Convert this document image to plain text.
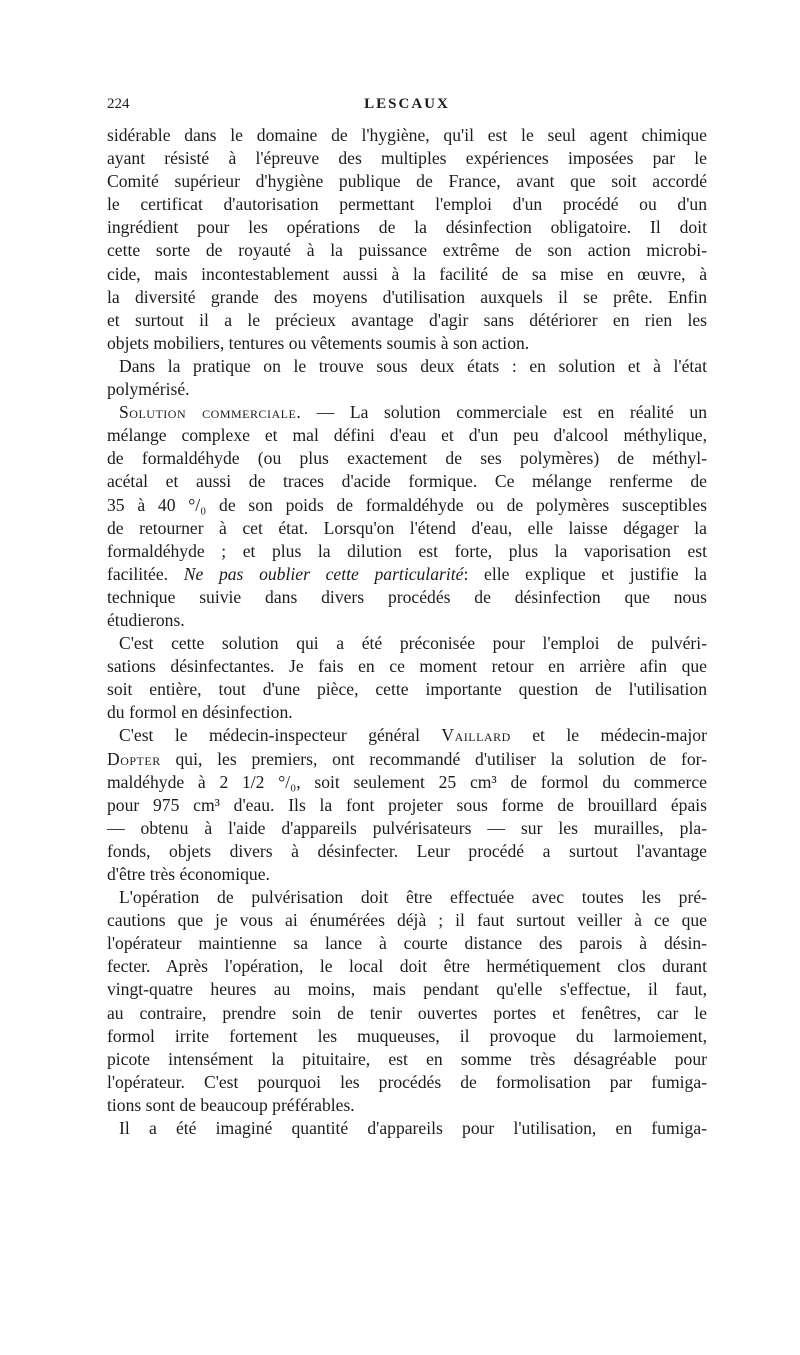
224	LESCAUX
sidérable dans le domaine de l'hygiène, qu'il est le seul agent chimique
ayant résisté à l'épreuve des multiples expériences imposées par le
Comité supérieur d'hygiène publique de France, avant que soit accordé
le certificat d'autorisation permettant l'emploi d'un procédé ou d'un
ingrédient pour les opérations de la désinfection obligatoire. Il doit
cette sorte de royauté à la puissance extrême de son action microbi-
cide, mais incontestablement aussi à la facilité de sa mise en œuvre, à
la diversité grande des moyens d'utilisation auxquels il se prête. Enfin
et surtout il a le précieux avantage d'agir sans détériorer en rien les
objets mobiliers, tentures ou vêtements soumis à son action.
Dans la pratique on le trouve sous deux états : en solution et à l'état
polymérisé.
Solution commerciale. — La solution commerciale est en réalité un
mélange complexe et mal défini d'eau et d'un peu d'alcool méthylique,
de formaldéhyde (ou plus exactement de ses polymères) de méthyl-
acétal et aussi de traces d'acide formique. Ce mélange renferme de
35 à 40 °/₀ de son poids de formaldéhyde ou de polymères susceptibles
de retourner à cet état. Lorsqu'on l'étend d'eau, elle laisse dégager la
formaldéhyde ; et plus la dilution est forte, plus la vaporisation est
facilitée. Ne pas oublier cette particularité: elle explique et justifie la
technique suivie dans divers procédés de désinfection que nous
étudierons.
C'est cette solution qui a été préconisée pour l'emploi de pulvéri-
sations désinfectantes. Je fais en ce moment retour en arrière afin que
soit entière, tout d'une pièce, cette importante question de l'utilisation
du formol en désinfection.
C'est le médecin-inspecteur général Vaillard et le médecin-major
Dopter qui, les premiers, ont recommandé d'utiliser la solution de for-
maldéhyde à 2 1/2 °/₀, soit seulement 25 cm³ de formol du commerce
pour 975 cm³ d'eau. Ils la font projeter sous forme de brouillard épais
— obtenu à l'aide d'appareils pulvérisateurs — sur les murailles, pla-
fonds, objets divers à désinfecter. Leur procédé a surtout l'avantage
d'être très économique.
L'opération de pulvérisation doit être effectuée avec toutes les pré-
cautions que je vous ai énumérées déjà ; il faut surtout veiller à ce que
l'opérateur maintienne sa lance à courte distance des parois à désin-
fecter. Après l'opération, le local doit être hermétiquement clos durant
vingt-quatre heures au moins, mais pendant qu'elle s'effectue, il faut,
au contraire, prendre soin de tenir ouvertes portes et fenêtres, car le
formol irrite fortement les muqueuses, il provoque du larmoiement,
picote intensément la pituitaire, est en somme très désagréable pour
l'opérateur. C'est pourquoi les procédés de formolisation par fumiga-
tions sont de beaucoup préférables.
Il a été imaginé quantité d'appareils pour l'utilisation, en fumiga-
